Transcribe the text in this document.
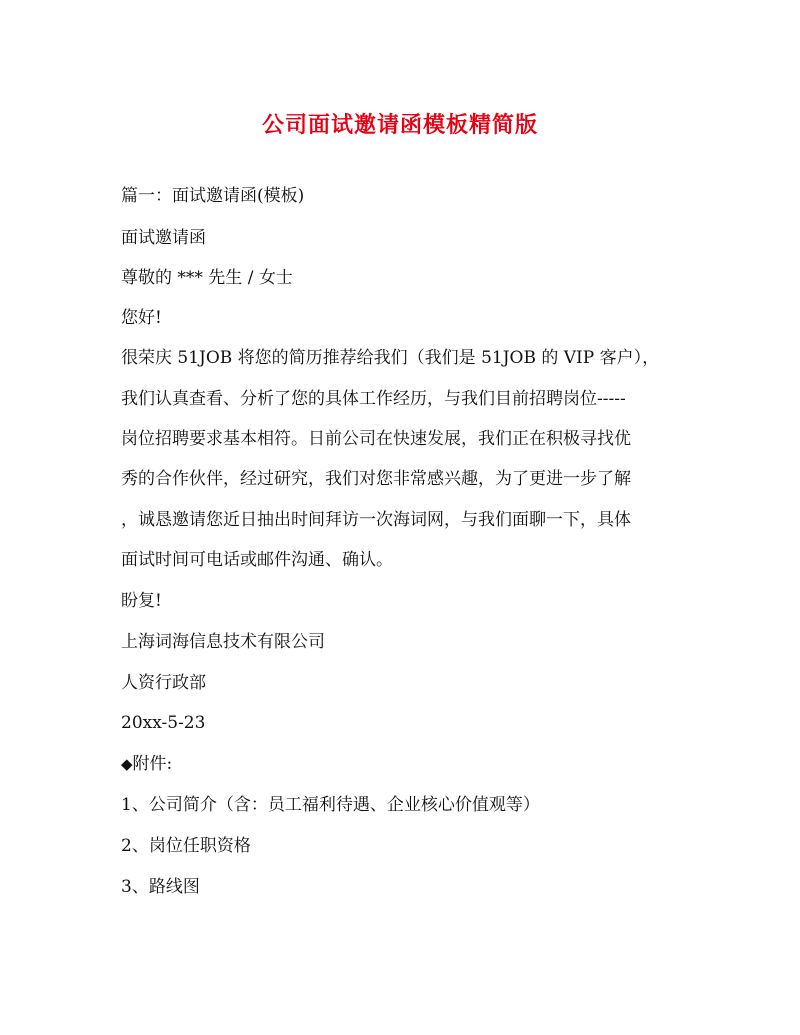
公司面试邀请函模板精简版
篇一：面试邀请函(模板)
面试邀请函
尊敬的 *** 先生 / 女士
您好!
很荣庆 51JOB 将您的简历推荐给我们（我们是 51JOB 的 VIP 客户），
我们认真查看、分析了您的具体工作经历，与我们目前招聘岗位-----
岗位招聘要求基本相符。日前公司在快速发展，我们正在积极寻找优
秀的合作伙伴，经过研究，我们对您非常感兴趣，为了更进一步了解
，诚恳邀请您近日抽出时间拜访一次海词网，与我们面聊一下，具体
面试时间可电话或邮件沟通、确认。
盼复!
上海词海信息技术有限公司
人资行政部
20xx-5-23
◆附件:
1、公司简介（含：员工福利待遇、企业核心价值观等）
2、岗位任职资格
3、路线图
